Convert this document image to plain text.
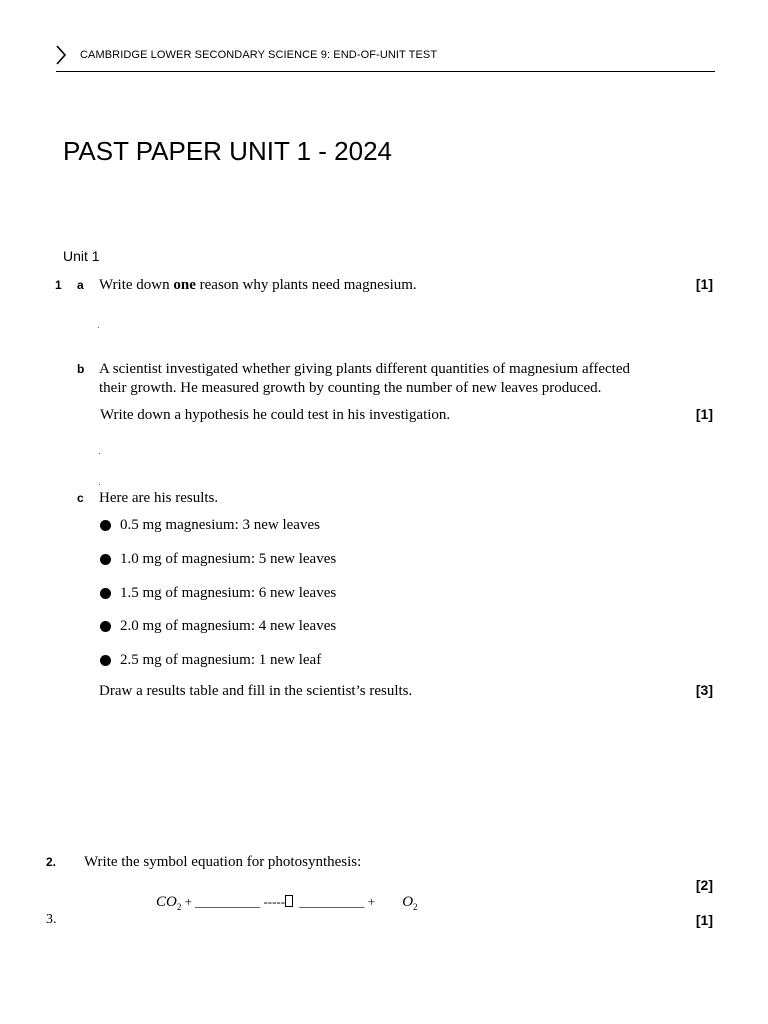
CAMBRIDGE LOWER SECONDARY SCIENCE 9: END-OF-UNIT TEST
PAST PAPER UNIT 1 - 2024
Unit 1
1 a Write down one reason why plants need magnesium.	[1]
b A scientist investigated whether giving plants different quantities of magnesium affected
their growth. He measured growth by counting the number of new leaves produced.
Write down a hypothesis he could test in his investigation.	[1]
c Here are his results.
0.5 mg magnesium: 3 new leaves
1.0 mg of magnesium: 5 new leaves
1.5 mg of magnesium: 6 new leaves
2.0 mg of magnesium: 4 new leaves
2.5 mg of magnesium: 1 new leaf
Draw a results table and fill in the scientist’s results.	[3]
2. Write the symbol equation for photosynthesis:
[2]
$CO_2$ + __________ ----- __________ + $O_2$
3.	[1]
